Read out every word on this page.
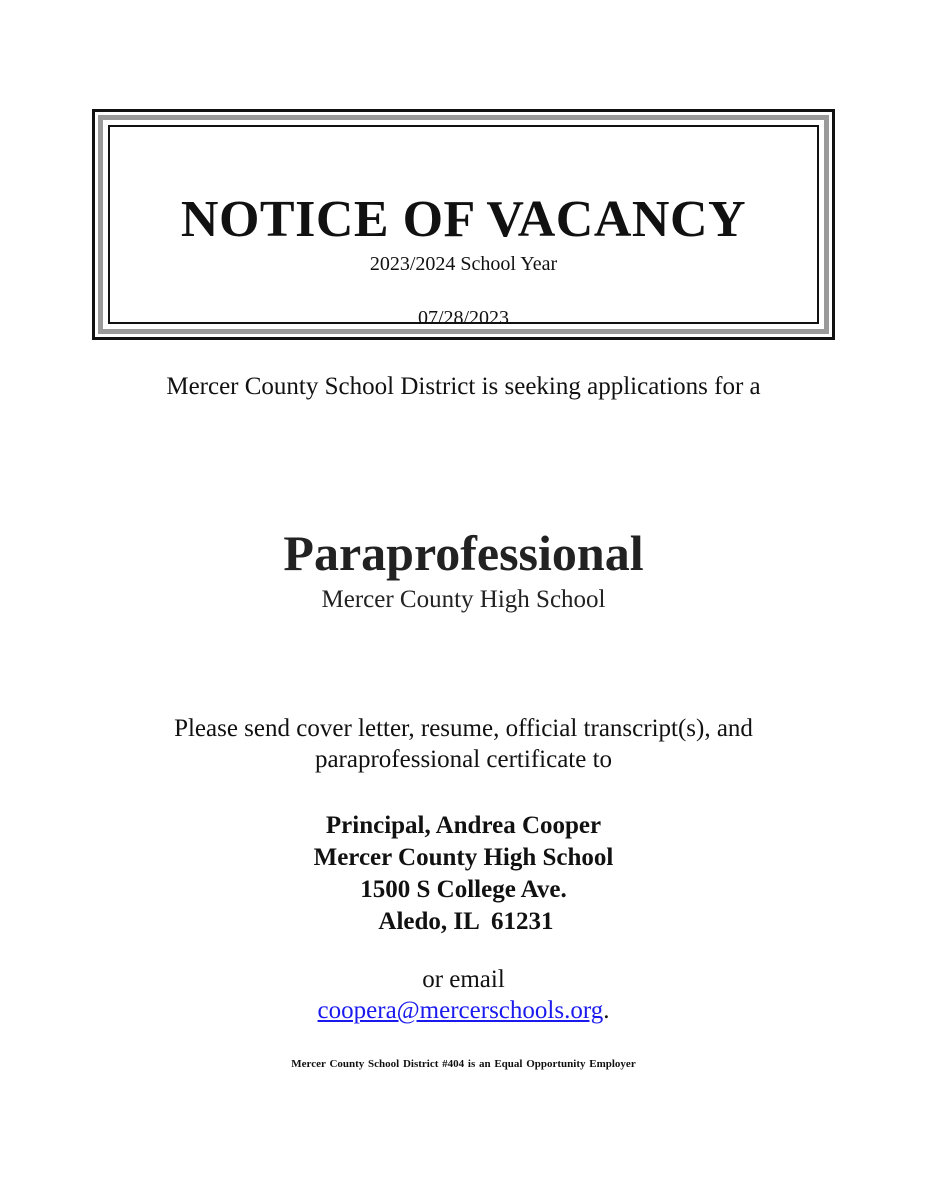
NOTICE OF VACANCY
2023/2024 School Year
07/28/2023
Mercer County School District is seeking applications for a
Paraprofessional
Mercer County High School
Please send cover letter, resume, official transcript(s), and
paraprofessional certificate to
Principal, Andrea Cooper
Mercer County High School
1500 S College Ave.
Aledo, IL  61231
or email
coopera@mercerschools.org.
Mercer County School District #404 is an Equal Opportunity Employer
